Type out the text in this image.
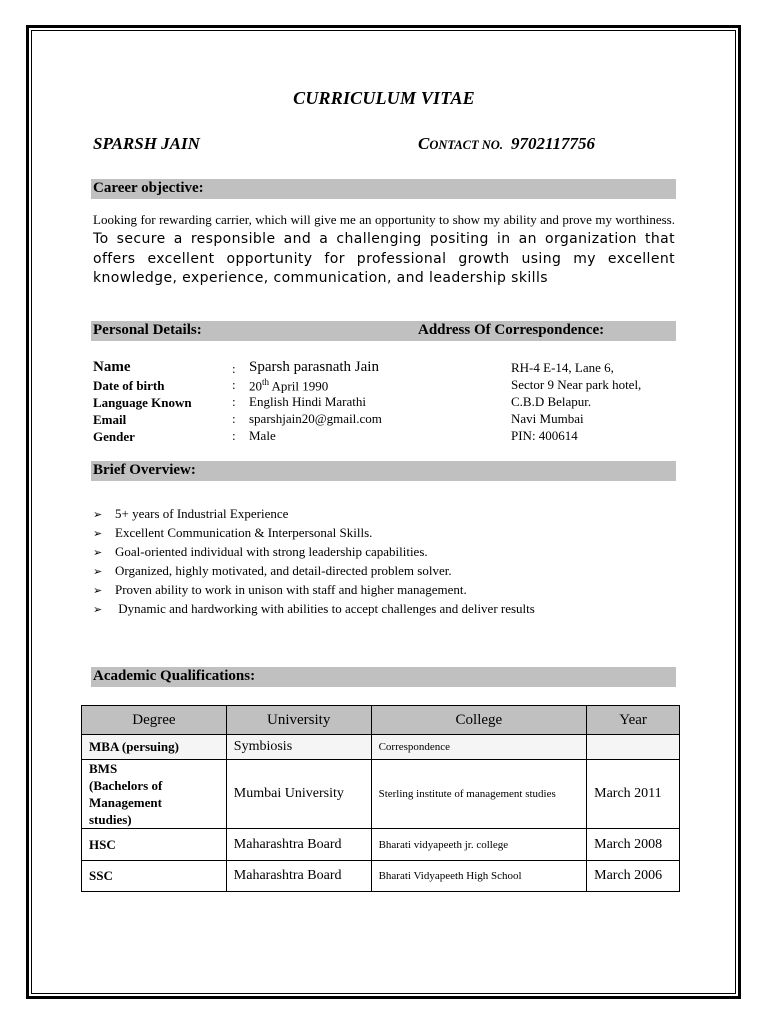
CURRICULUM VITAE
SPARSH JAIN	CONTACT NO. 9702117756
Career objective:
Looking for rewarding carrier, which will give me an opportunity to show my ability and prove my worthiness. To secure a responsible and a challenging positing in an organization that offers excellent opportunity for professional growth using my excellent knowledge, experience, communication, and leadership skills
Personal Details:	Address Of Correspondence:
Name	: Sparsh parasnath Jain
Date of birth	: 20th April 1990
Language Known	: English Hindi Marathi
Email	: sparshjain20@gmail.com
Gender	: Male
RH-4 E-14, Lane 6,
Sector 9 Near park hotel,
C.B.D Belapur.
Navi Mumbai
PIN: 400614
Brief Overview:
➢ 5+ years of Industrial Experience
➢ Excellent Communication & Interpersonal Skills.
➢ Goal-oriented individual with strong leadership capabilities.
➢ Organized, highly motivated, and detail-directed problem solver.
➢ Proven ability to work in unison with staff and higher management.
➢ Dynamic and hardworking with abilities to accept challenges and deliver results
Academic Qualifications:
Degree	University	College	Year
MBA (persuing)	Symbiosis	Correspondence	

BMS
(Bachelors of
Management
studies)	Mumbai University	Sterling institute of management studies	March 2011
HSC	Maharashtra Board	Bharati vidyapeeth jr. college	March 2008
SSC	Maharashtra Board	Bharati Vidyapeeth High School	March 2006
